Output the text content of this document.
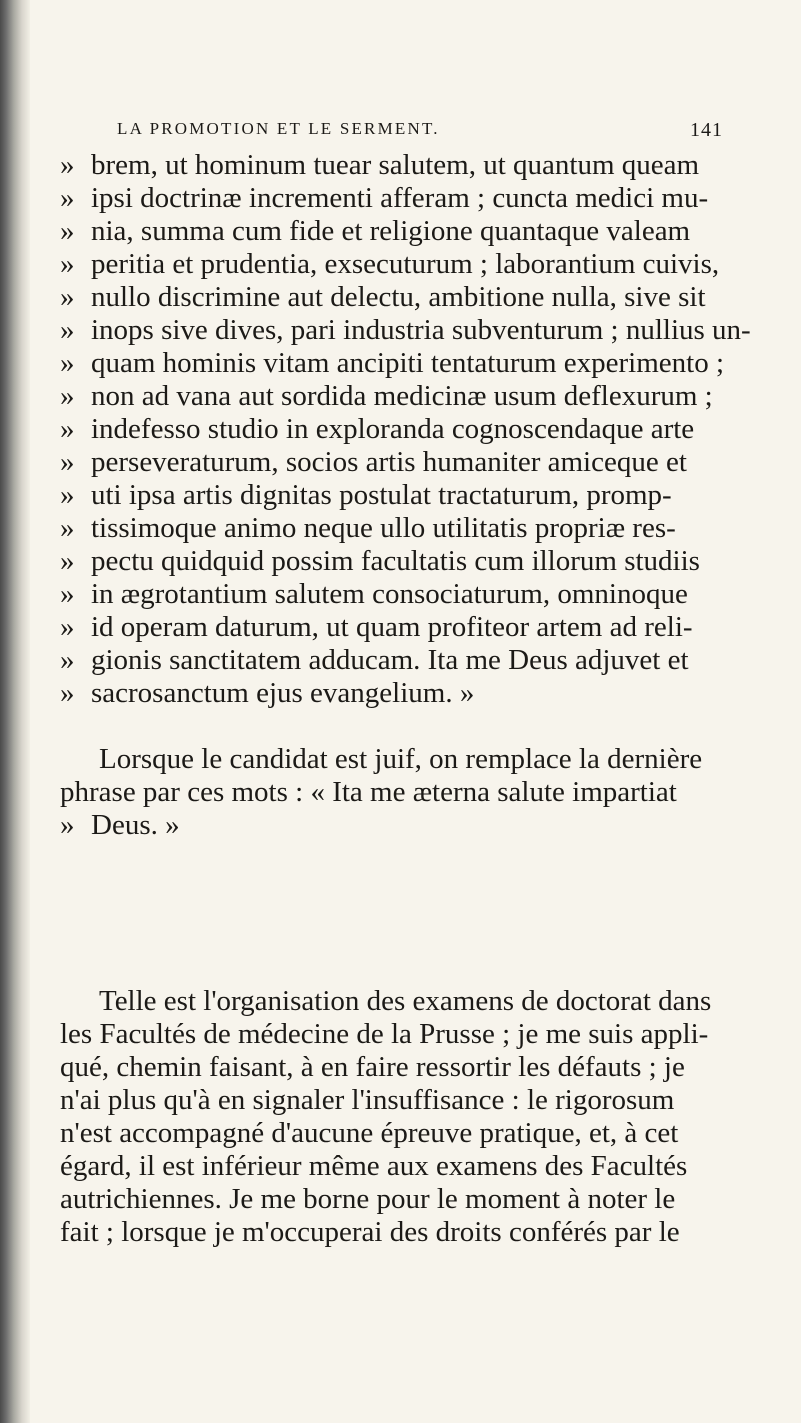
LA PROMOTION ET LE SERMENT.	141
» brem, ut hominum tuear salutem, ut quantum queam
» ipsi doctrinæ incrementi afferam ; cuncta medici mu-
» nia, summa cum fide et religione quantaque valeam
» peritia et prudentia, exsecuturum ; laborantium cuivis,
» nullo discrimine aut delectu, ambitione nulla, sive sit
» inops sive dives, pari industria subventurum ; nullius un-
» quam hominis vitam ancipiti tentaturum experimento ;
» non ad vana aut sordida medicinæ usum deflexurum ;
» indefesso studio in exploranda cognoscendaque arte
» perseveraturum, socios artis humaniter amiceque et
» uti ipsa artis dignitas postulat tractaturum, promp-
» tissimoque animo neque ullo utilitatis propriæ res-
» pectu quidquid possim facultatis cum illorum studiis
» in ægrotantium salutem consociaturum, omninoque
» id operam daturum, ut quam profiteor artem ad reli-
» gionis sanctitatem adducam. Ita me Deus adjuvet et
» sacrosanctum ejus evangelium. »
Lorsque le candidat est juif, on remplace la dernière
phrase par ces mots : « Ita me æterna salute impartiat
» Deus. »
Telle est l'organisation des examens de doctorat dans
les Facultés de médecine de la Prusse ; je me suis appli-
qué, chemin faisant, à en faire ressortir les défauts ; je
n'ai plus qu'à en signaler l'insuffisance : le rigorosum
n'est accompagné d'aucune épreuve pratique, et, à cet
égard, il est inférieur même aux examens des Facultés
autrichiennes. Je me borne pour le moment à noter le
fait ; lorsque je m'occuperai des droits conférés par le
